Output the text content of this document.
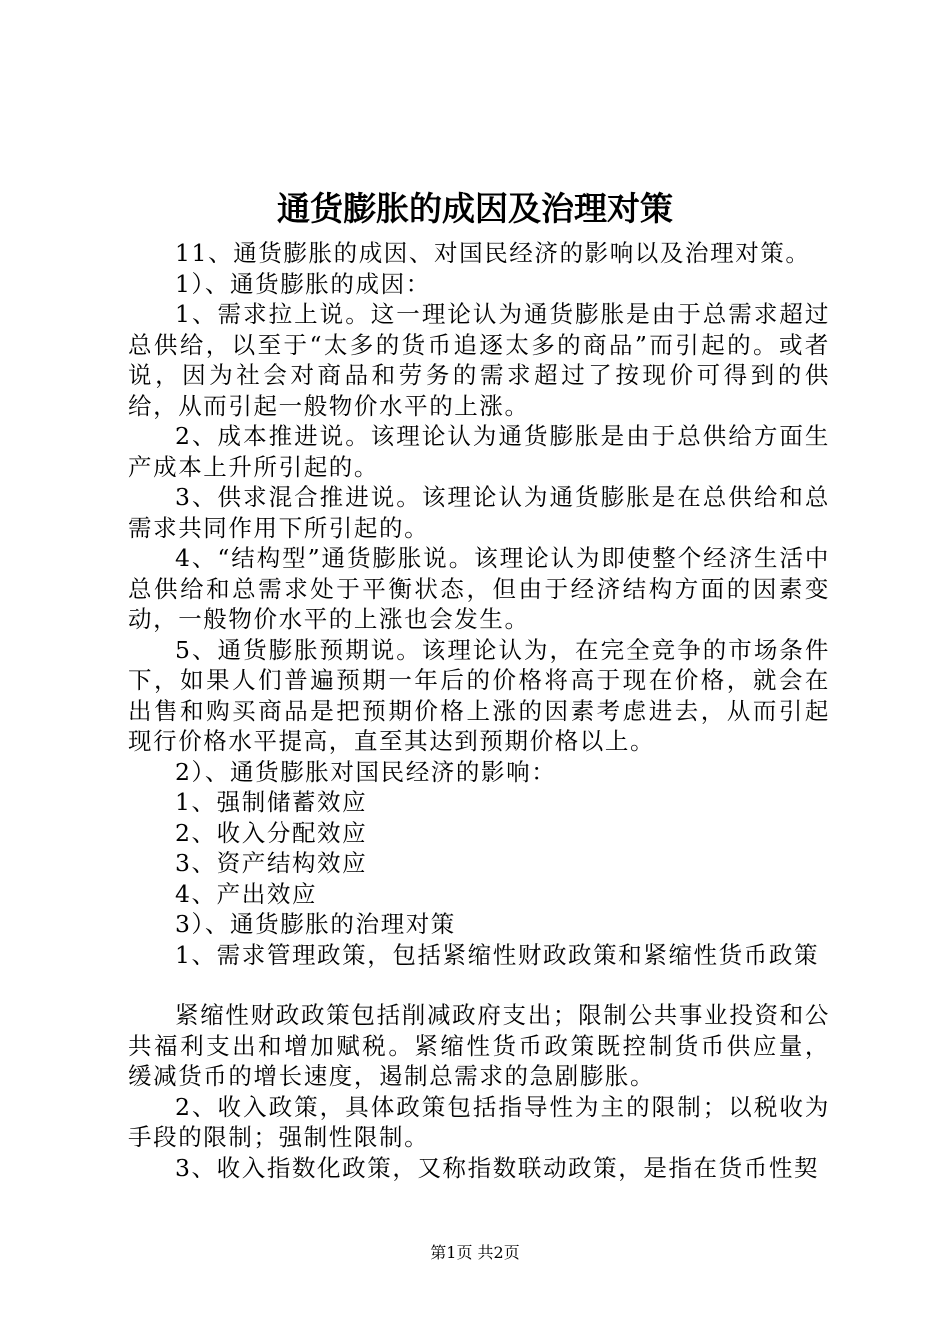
通货膨胀的成因及治理对策

11、通货膨胀的成因、对国民经济的影响以及治理对策。

1）、通货膨胀的成因：

1、需求拉上说。这一理论认为通货膨胀是由于总需求超过总供给，以至于“太多的货币追逐太多的商品”而引起的。或者说，因为社会对商品和劳务的需求超过了按现价可得到的供给，从而引起一般物价水平的上涨。

2、成本推进说。该理论认为通货膨胀是由于总供给方面生产成本上升所引起的。

3、供求混合推进说。该理论认为通货膨胀是在总供给和总需求共同作用下所引起的。

4、“结构型”通货膨胀说。该理论认为即使整个经济生活中总供给和总需求处于平衡状态，但由于经济结构方面的因素变动，一般物价水平的上涨也会发生。

5、通货膨胀预期说。该理论认为，在完全竞争的市场条件下，如果人们普遍预期一年后的价格将高于现在价格，就会在出售和购买商品是把预期价格上涨的因素考虑进去，从而引起现行价格水平提高，直至其达到预期价格以上。

2）、通货膨胀对国民经济的影响：

1、强制储蓄效应

2、收入分配效应

3、资产结构效应

4、产出效应

3）、通货膨胀的治理对策

1、需求管理政策，包括紧缩性财政政策和紧缩性货币政策

紧缩性财政政策包括削减政府支出；限制公共事业投资和公共福利支出和增加赋税。紧缩性货币政策既控制货币供应量，缓减货币的增长速度，遏制总需求的急剧膨胀。

2、收入政策，具体政策包括指导性为主的限制；以税收为手段的限制；强制性限制。

3、收入指数化政策，又称指数联动政策，是指在货币性契

第1页 共2页
